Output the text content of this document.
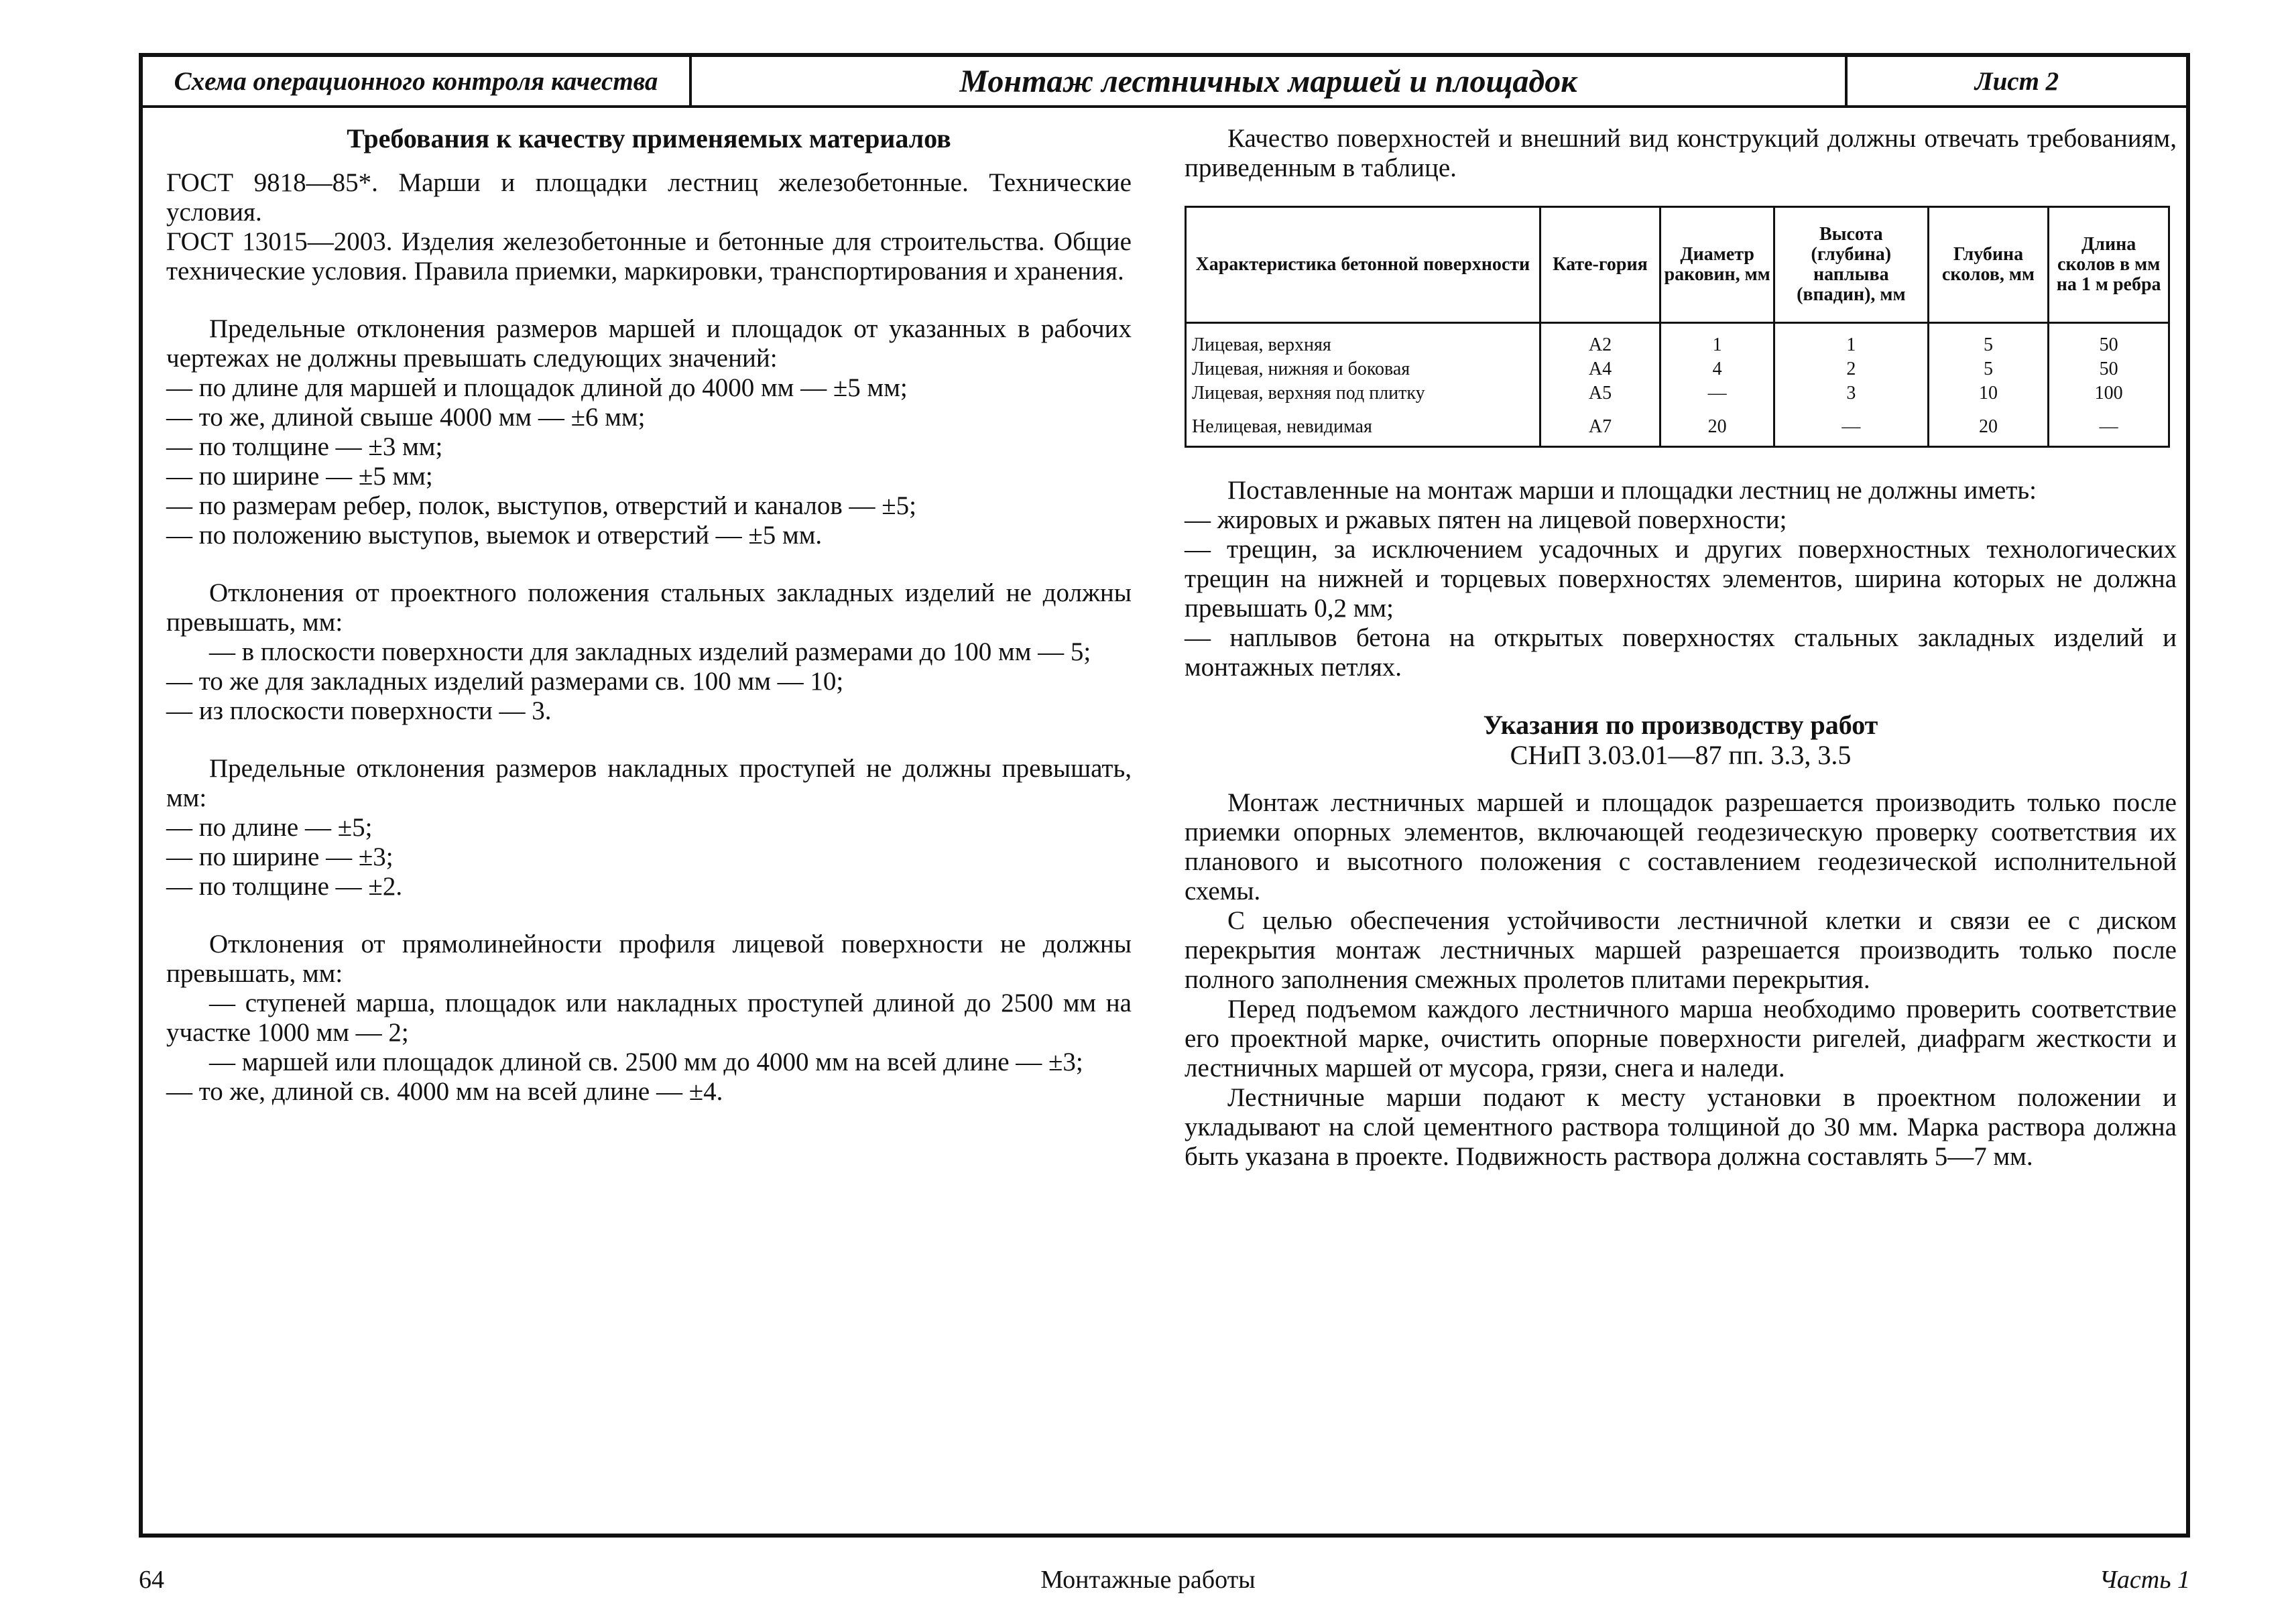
Схема операционного контроля качества	Монтаж лестничных маршей и площадок	Лист 2

Требования к качеству применяемых материалов

ГОСТ 9818—85*. Марши и площадки лестниц железобетонные. Технические условия.

ГОСТ 13015—2003. Изделия железобетонные и бетонные для строительства. Общие технические условия. Правила приемки, маркировки, транспортирования и хранения.

Предельные отклонения размеров маршей и площадок от указанных в рабочих чертежах не должны превышать следующих значений:

— по длине для маршей и площадок длиной до 4000 мм — ±5 мм;

— то же, длиной свыше 4000 мм — ±6 мм;

— по толщине — ±3 мм;

— по ширине — ±5 мм;

— по размерам ребер, полок, выступов, отверстий и каналов — ±5;

— по положению выступов, выемок и отверстий — ±5 мм.

Отклонения от проектного положения стальных закладных изделий не должны превышать, мм:

— в плоскости поверхности для закладных изделий размерами до 100 мм — 5;

— то же для закладных изделий размерами св. 100 мм — 10;

— из плоскости поверхности — 3.

Предельные отклонения размеров накладных проступей не должны превышать, мм:

— по длине — ±5;

— по ширине — ±3;

— по толщине — ±2.

Отклонения от прямолинейности профиля лицевой поверхности не должны превышать, мм:

— ступеней марша, площадок или накладных проступей длиной до 2500 мм на участке 1000 мм — 2;

— маршей или площадок длиной св. 2500 мм до 4000 мм на всей длине — ±3;

— то же, длиной св. 4000 мм на всей длине — ±4.

Качество поверхностей и внешний вид конструкций должны отвечать требованиям, приведенным в таблице.

Характеристика бетонной поверхности	Кате-гория	Диаметр раковин, мм	Высота (глубина) наплыва (впадин), мм	Глубина сколов, мм	Длина сколов в мм на 1 м ребра
Лицевая, верхняя	А2	1	1	5	50
Лицевая, нижняя и боковая	А4	4	2	5	50
Лицевая, верхняя под плитку	А5	—	3	10	100
Нелицевая, невидимая	А7	20	—	20	—

Поставленные на монтаж марши и площадки лестниц не должны иметь:

— жировых и ржавых пятен на лицевой поверхности;

— трещин, за исключением усадочных и других поверхностных технологических трещин на нижней и торцевых поверхностях элементов, ширина которых не должна превышать 0,2 мм;

— наплывов бетона на открытых поверхностях стальных закладных изделий и монтажных петлях.

Указания по производству работ

СНиП 3.03.01—87 пп. 3.3, 3.5

Монтаж лестничных маршей и площадок разрешается производить только после приемки опорных элементов, включающей геодезическую проверку соответствия их планового и высотного положения с составлением геодезической исполнительной схемы.

С целью обеспечения устойчивости лестничной клетки и связи ее с диском перекрытия монтаж лестничных маршей разрешается производить только после полного заполнения смежных пролетов плитами перекрытия.

Перед подъемом каждого лестничного марша необходимо проверить соответствие его проектной марке, очистить опорные поверхности ригелей, диафрагм жесткости и лестничных маршей от мусора, грязи, снега и наледи.

Лестничные марши подают к месту установки в проектном положении и укладывают на слой цементного раствора толщиной до 30 мм. Марка раствора должна быть указана в проекте. Подвижность раствора должна составлять 5—7 мм.

64	Монтажные работы	Часть 1
